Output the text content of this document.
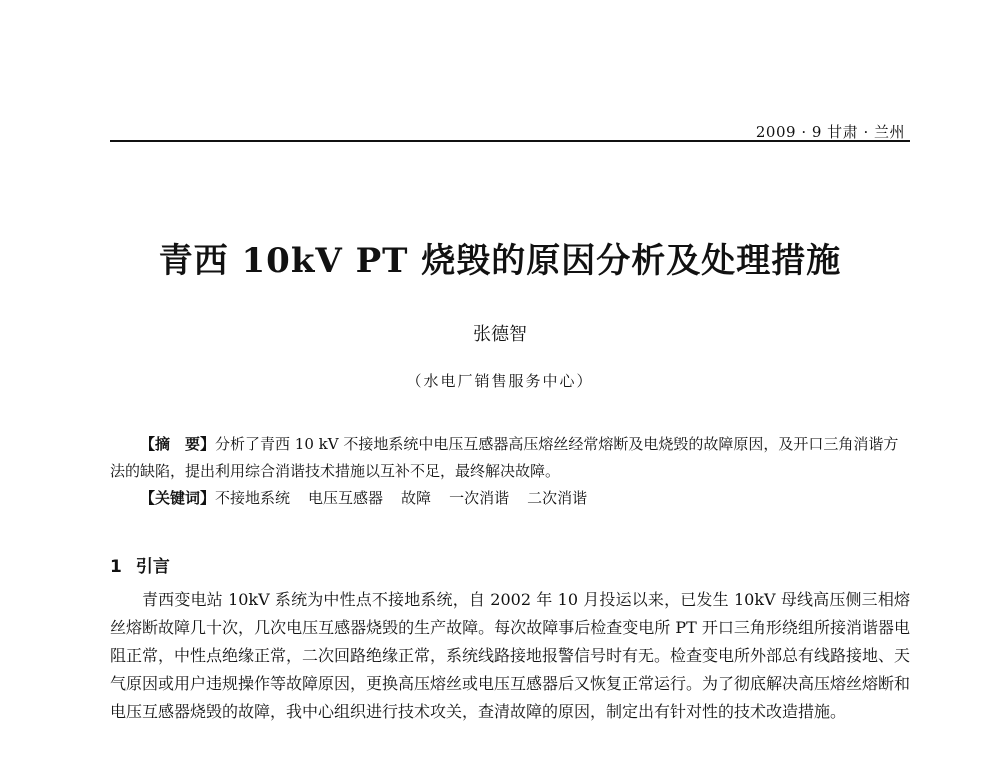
2009 · 9 甘肃 · 兰州
青西 10kV PT 烧毁的原因分析及处理措施
张德智
（水电厂销售服务中心）

【摘　要】分析了青西 10 kV 不接地系统中电压互感器高压熔丝经常熔断及电烧毁的故障原因，及开口三角消谐方法的缺陷，提出利用综合消谐技术措施以互补不足，最终解决故障。

【关键词】不接地系统 电压互感器 故障 一次消谐 二次消谐

1 引言

青西变电站 10kV 系统为中性点不接地系统，自 2002 年 10 月投运以来，已发生 10kV 母线高压侧三相熔丝熔断故障几十次，几次电压互感器烧毁的生产故障。每次故障事后检查变电所 PT 开口三角形绕组所接消谐器电阻正常，中性点绝缘正常，二次回路绝缘正常，系统线路接地报警信号时有无。检查变电所外部总有线路接地、天气原因或用户违规操作等故障原因，更换高压熔丝或电压互感器后又恢复正常运行。为了彻底解决高压熔丝熔断和电压互感器烧毁的故障，我中心组织进行技术攻关，查清故障的原因，制定出有针对性的技术改造措施。
